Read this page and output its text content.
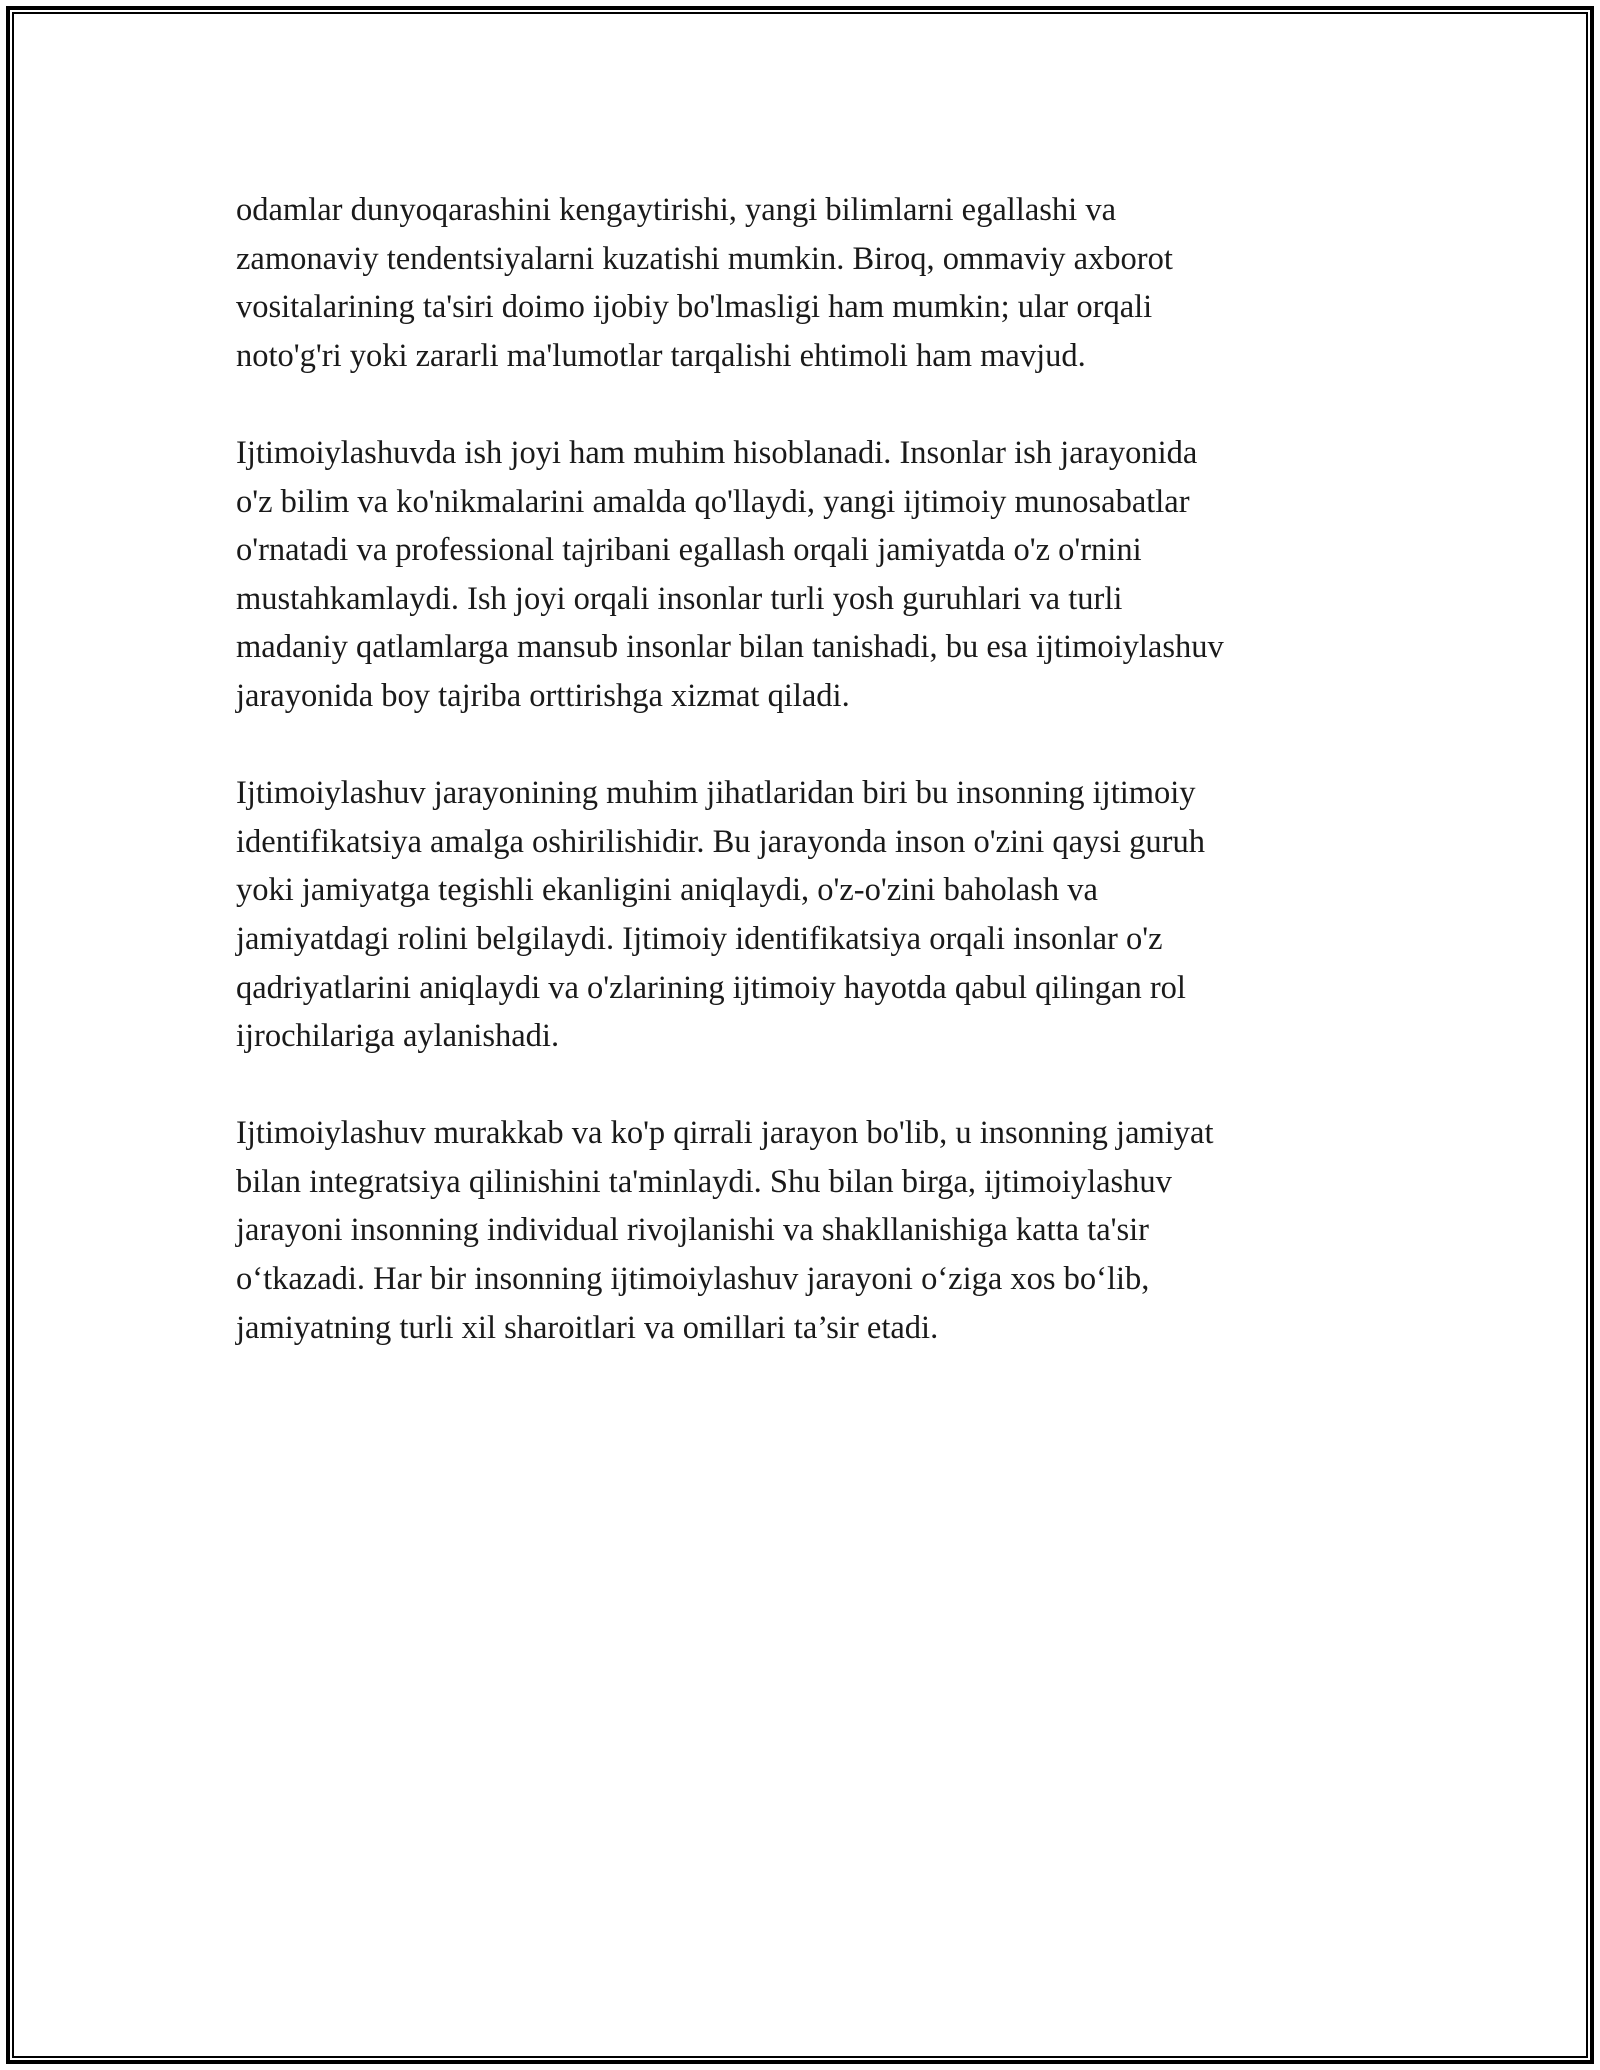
odamlar dunyoqarashini kengaytirishi, yangi bilimlarni egallashi va
zamonaviy tendentsiyalarni kuzatishi mumkin. Biroq, ommaviy axborot
vositalarining ta'siri doimo ijobiy bo'lmasligi ham mumkin; ular orqali
noto'g'ri yoki zararli ma'lumotlar tarqalishi ehtimoli ham mavjud.

Ijtimoiylashuvda ish joyi ham muhim hisoblanadi. Insonlar ish jarayonida
o'z bilim va ko'nikmalarini amalda qo'llaydi, yangi ijtimoiy munosabatlar
o'rnatadi va professional tajribani egallash orqali jamiyatda o'z o'rnini
mustahkamlaydi. Ish joyi orqali insonlar turli yosh guruhlari va turli
madaniy qatlamlarga mansub insonlar bilan tanishadi, bu esa ijtimoiylashuv
jarayonida boy tajriba orttirishga xizmat qiladi.

Ijtimoiylashuv jarayonining muhim jihatlaridan biri bu insonning ijtimoiy
identifikatsiya amalga oshirilishidir. Bu jarayonda inson o'zini qaysi guruh
yoki jamiyatga tegishli ekanligini aniqlaydi, o'z-o'zini baholash va
jamiyatdagi rolini belgilaydi. Ijtimoiy identifikatsiya orqali insonlar o'z
qadriyatlarini aniqlaydi va o'zlarining ijtimoiy hayotda qabul qilingan rol
ijrochilariga aylanishadi.

Ijtimoiylashuv murakkab va ko'p qirrali jarayon bo'lib, u insonning jamiyat
bilan integratsiya qilinishini ta'minlaydi. Shu bilan birga, ijtimoiylashuv
jarayoni insonning individual rivojlanishi va shakllanishiga katta ta'sir
o‘tkazadi. Har bir insonning ijtimoiylashuv jarayoni o‘ziga xos bo‘lib,
jamiyatning turli xil sharoitlari va omillari ta’sir etadi.
